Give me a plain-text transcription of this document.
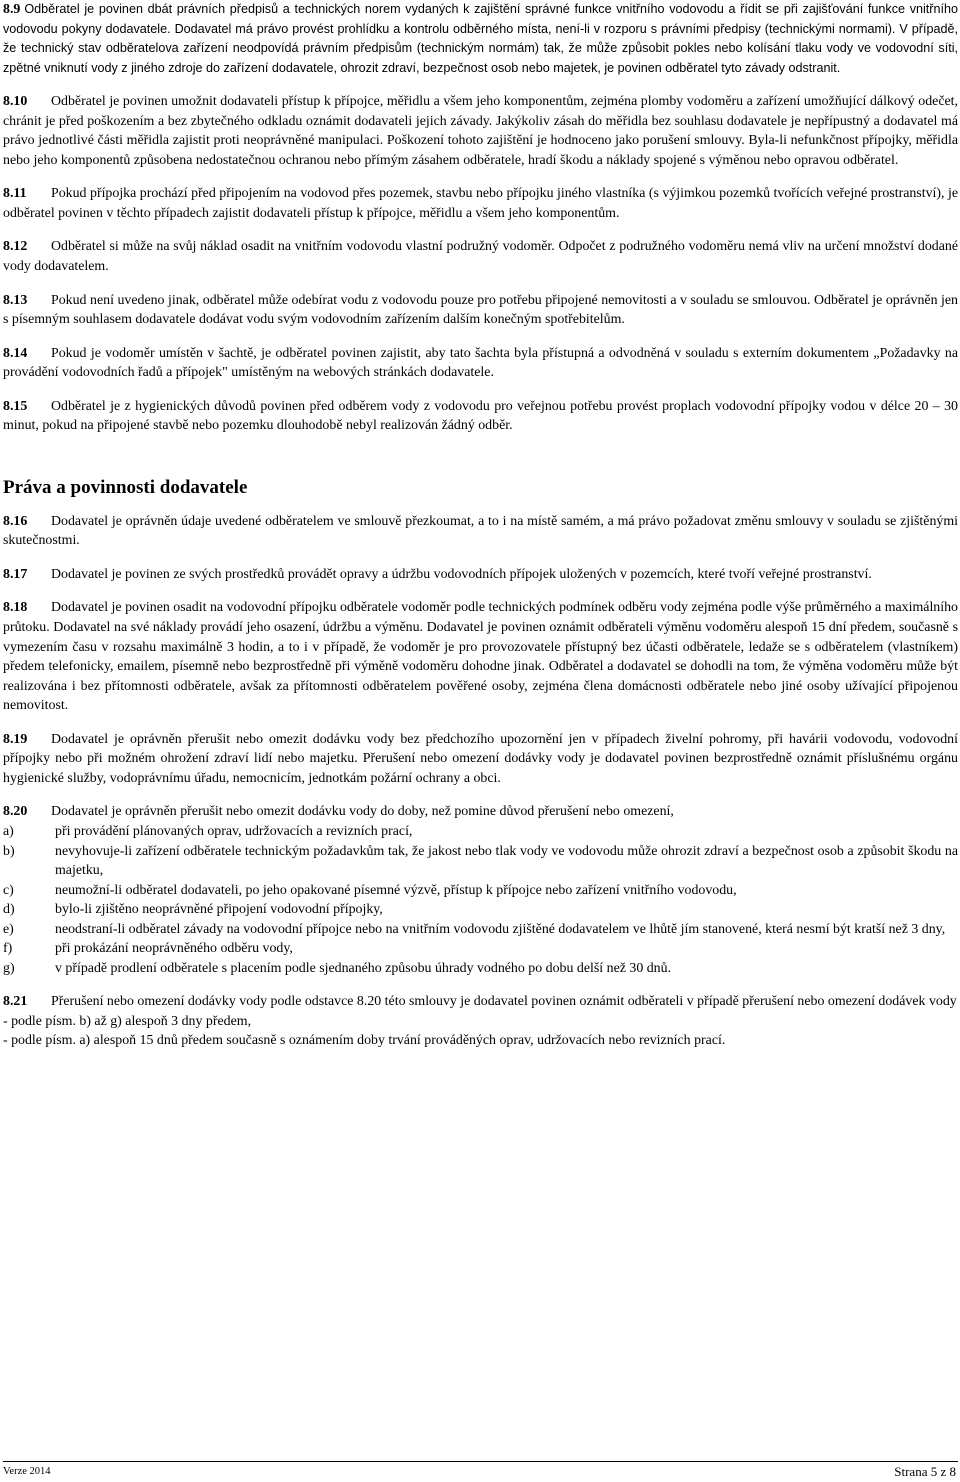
8.9 Odběratel je povinen dbát právních předpisů a technických norem vydaných k zajištění správné funkce vnitřního vodovodu a řídit se při zajišťování funkce vnitřního vodovodu pokyny dodavatele. Dodavatel má právo provést prohlídku a kontrolu odběrného místa, není-li v rozporu s právními předpisy (technickými normami). V případě, že technický stav odběratelova zařízení neodpovídá právním předpisům (technickým normám) tak, že může způsobit pokles nebo kolísání tlaku vody ve vodovodní síti, zpětné vniknutí vody z jiného zdroje do zařízení dodavatele, ohrozit zdraví, bezpečnost osob nebo majetek, je povinen odběratel tyto závady odstranit.

8.10 Odběratel je povinen umožnit dodavateli přístup k přípojce, měřidlu a všem jeho komponentům, zejména plomby vodoměru a zařízení umožňující dálkový odečet, chránit je před poškozením a bez zbytečného odkladu oznámit dodavateli jejich závady. Jakýkoliv zásah do měřidla bez souhlasu dodavatele je nepřípustný a dodavatel má právo jednotlivé části měřidla zajistit proti neoprávněné manipulaci. Poškození tohoto zajištění je hodnoceno jako porušení smlouvy. Byla-li nefunkčnost přípojky, měřidla nebo jeho komponentů způsobena nedostatečnou ochranou nebo přímým zásahem odběratele, hradí škodu a náklady spojené s výměnou nebo opravou odběratel.

8.11 Pokud přípojka prochází před připojením na vodovod přes pozemek, stavbu nebo přípojku jiného vlastníka (s výjimkou pozemků tvořících veřejné prostranství), je odběratel povinen v těchto případech zajistit dodavateli přístup k přípojce, měřidlu a všem jeho komponentům.

8.12 Odběratel si může na svůj náklad osadit na vnitřním vodovodu vlastní podružný vodoměr. Odpočet z podružného vodoměru nemá vliv na určení množství dodané vody dodavatelem.

8.13 Pokud není uvedeno jinak, odběratel může odebírat vodu z vodovodu pouze pro potřebu připojené nemovitosti a v souladu se smlouvou. Odběratel je oprávněn jen s písemným souhlasem dodavatele dodávat vodu svým vodovodním zařízením dalším konečným spotřebitelům.

8.14 Pokud je vodoměr umístěn v šachtě, je odběratel povinen zajistit, aby tato šachta byla přístupná a odvodněná v souladu s externím dokumentem „Požadavky na provádění vodovodních řadů a přípojek" umístěným na webových stránkách dodavatele.

8.15 Odběratel je z hygienických důvodů povinen před odběrem vody z vodovodu pro veřejnou potřebu provést proplach vodovodní přípojky vodou v délce 20 – 30 minut, pokud na připojené stavbě nebo pozemku dlouhodobě nebyl realizován žádný odběr.

Práva a povinnosti dodavatele

8.16 Dodavatel je oprávněn údaje uvedené odběratelem ve smlouvě přezkoumat, a to i na místě samém, a má právo požadovat změnu smlouvy v souladu se zjištěnými skutečnostmi.

8.17 Dodavatel je povinen ze svých prostředků provádět opravy a údržbu vodovodních přípojek uložených v pozemcích, které tvoří veřejné prostranství.

8.18 Dodavatel je povinen osadit na vodovodní přípojku odběratele vodoměr podle technických podmínek odběru vody zejména podle výše průměrného a maximálního průtoku. Dodavatel na své náklady provádí jeho osazení, údržbu a výměnu. Dodavatel je povinen oznámit odběrateli výměnu vodoměru alespoň 15 dní předem, současně s vymezením času v rozsahu maximálně 3 hodin, a to i v případě, že vodoměr je pro provozovatele přístupný bez účasti odběratele, ledaže se s odběratelem (vlastníkem) předem telefonicky, emailem, písemně nebo bezprostředně při výměně vodoměru dohodne jinak. Odběratel a dodavatel se dohodli na tom, že výměna vodoměru může být realizována i bez přítomnosti odběratele, avšak za přítomnosti odběratelem pověřené osoby, zejména člena domácnosti odběratele nebo jiné osoby užívající připojenou nemovitost.

8.19 Dodavatel je oprávněn přerušit nebo omezit dodávku vody bez předchozího upozornění jen v případech živelní pohromy, při havárii vodovodu, vodovodní přípojky nebo při možném ohrožení zdraví lidí nebo majetku. Přerušení nebo omezení dodávky vody je dodavatel povinen bezprostředně oznámit příslušnému orgánu hygienické služby, vodoprávnímu úřadu, nemocnicím, jednotkám požární ochrany a obci.

8.20 Dodavatel je oprávněn přerušit nebo omezit dodávku vody do doby, než pomine důvod přerušení nebo omezení,

a)	při provádění plánovaných oprav, udržovacích a revizních prací,
b)	nevyhovuje-li zařízení odběratele technickým požadavkům tak, že jakost nebo tlak vody ve vodovodu může ohrozit zdraví a bezpečnost osob a způsobit škodu na majetku,
c)	neumožní-li odběratel dodavateli, po jeho opakované písemné výzvě, přístup k přípojce nebo zařízení vnitřního vodovodu,
d)	bylo-li zjištěno neoprávněné připojení vodovodní přípojky,
e)	neodstraní-li odběratel závady na vodovodní přípojce nebo na vnitřním vodovodu zjištěné dodavatelem ve lhůtě jím stanovené, která nesmí být kratší než 3 dny,
f)	při prokázání neoprávněného odběru vody,
g)	v případě prodlení odběratele s placením podle sjednaného způsobu úhrady vodného po dobu delší než 30 dnů.

8.21 Přerušení nebo omezení dodávky vody podle odstavce 8.20 této smlouvy je dodavatel povinen oznámit odběrateli v případě přerušení nebo omezení dodávek vody

- podle písm. b) až g) alespoň 3 dny předem,
- podle písm. a) alespoň 15 dnů předem současně s oznámením doby trvání prováděných oprav, udržovacích nebo revizních prací.
Verze 2014	Strana 5 z 8
